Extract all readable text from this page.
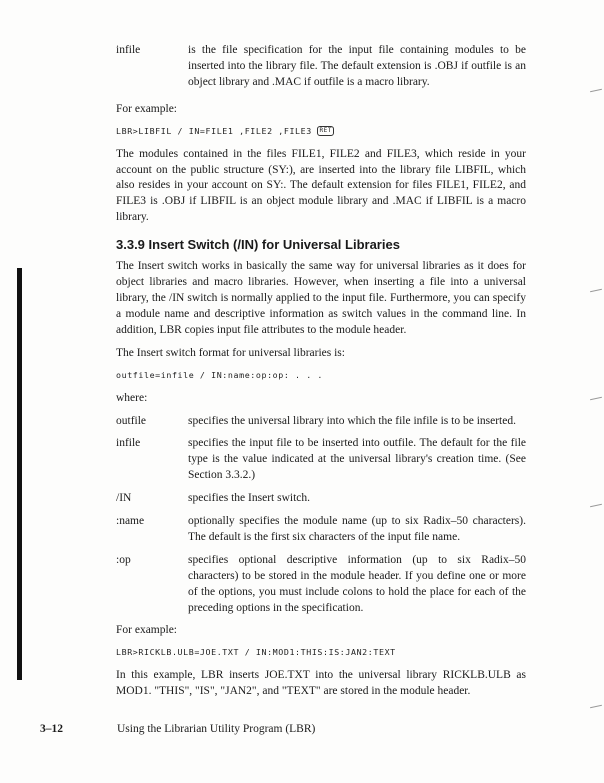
infile	is the file specification for the input file containing modules to be inserted into the library file. The default extension is .OBJ if outfile is an object library and .MAC if outfile is a macro library.
For example:
LBR>LIBFIL / IN=FILE1 ,FILE2 ,FILE3 RET
The modules contained in the files FILE1, FILE2 and FILE3, which reside in your account on the public structure (SY:), are inserted into the library file LIBFIL, which also resides in your account on SY:. The default extension for files FILE1, FILE2, and FILE3 is .OBJ if LIBFIL is an object module library and .MAC if LIBFIL is a macro library.
3.3.9 Insert Switch (/IN) for Universal Libraries
The Insert switch works in basically the same way for universal libraries as it does for object libraries and macro libraries. However, when inserting a file into a universal library, the /IN switch is normally applied to the input file. Furthermore, you can specify a module name and descriptive information as switch values in the command line. In addition, LBR copies input file attributes to the module header.
The Insert switch format for universal libraries is:
outfile=infile / IN:name:op:op: . . .
where:
outfile	specifies the universal library into which the file infile is to be inserted.
infile	specifies the input file to be inserted into outfile. The default for the file type is the value indicated at the universal library's creation time. (See Section 3.3.2.)
/IN	specifies the Insert switch.
:name	optionally specifies the module name (up to six Radix–50 characters). The default is the first six characters of the input file name.
:op	specifies optional descriptive information (up to six Radix–50 characters) to be stored in the module header. If you define one or more of the options, you must include colons to hold the place for each of the preceding options in the specification.
For example:
LBR>RICKLB.ULB=JOE.TXT / IN:MOD1:THIS:IS:JAN2:TEXT
In this example, LBR inserts JOE.TXT into the universal library RICKLB.ULB as MOD1. "THIS", "IS", "JAN2", and "TEXT" are stored in the module header.
3–12	Using the Librarian Utility Program (LBR)
